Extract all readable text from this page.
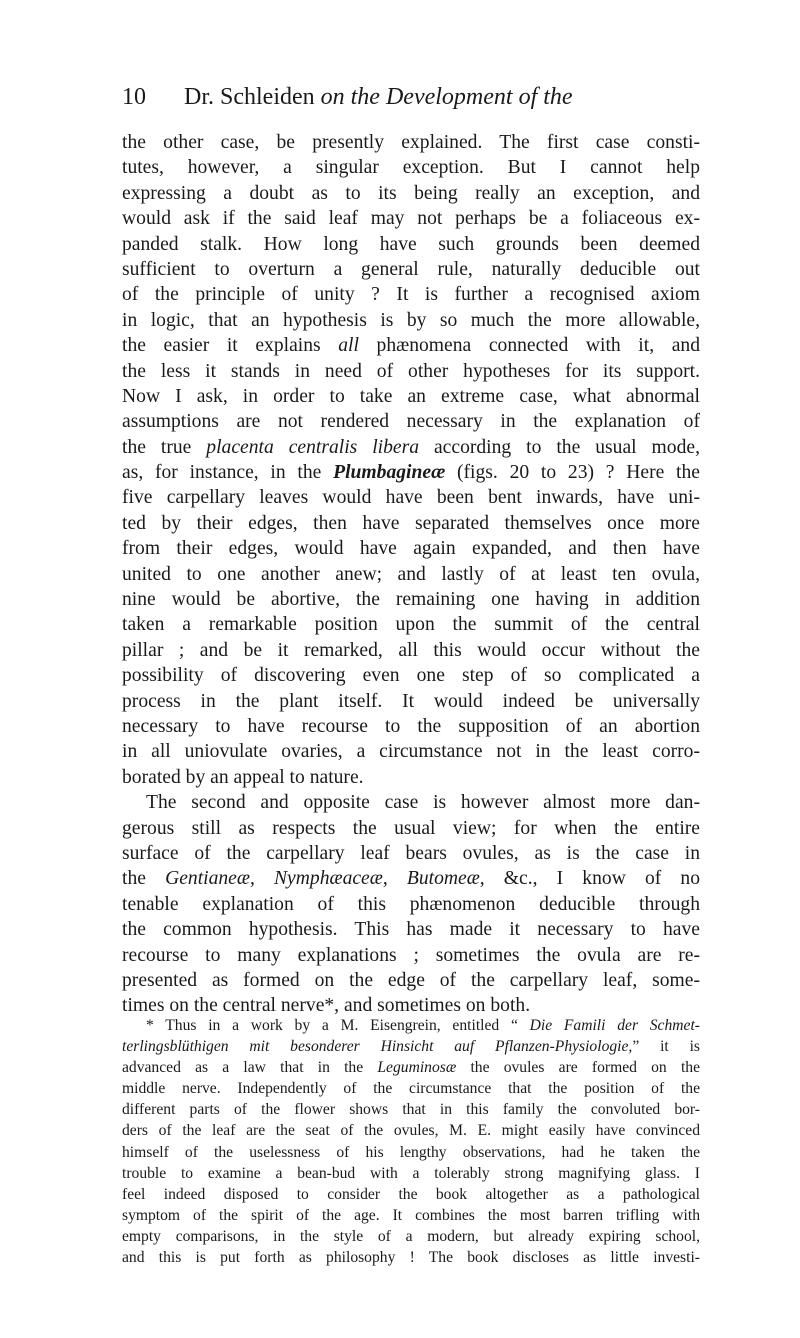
10 Dr. Schleiden on the Development of the
the other case, be presently explained. The first case consti-
tutes, however, a singular exception. But I cannot help
expressing a doubt as to its being really an exception, and
would ask if the said leaf may not perhaps be a foliaceous ex-
panded stalk. How long have such grounds been deemed
sufficient to overturn a general rule, naturally deducible out
of the principle of unity ? It is further a recognised axiom
in logic, that an hypothesis is by so much the more allowable,
the easier it explains all phænomena connected with it, and
the less it stands in need of other hypotheses for its support.
Now I ask, in order to take an extreme case, what abnormal
assumptions are not rendered necessary in the explanation of
the true placenta centralis libera according to the usual mode,
as, for instance, in the Plumbagineæ (figs. 20 to 23) ? Here the
five carpellary leaves would have been bent inwards, have uni-
ted by their edges, then have separated themselves once more
from their edges, would have again expanded, and then have
united to one another anew; and lastly of at least ten ovula,
nine would be abortive, the remaining one having in addition
taken a remarkable position upon the summit of the central
pillar ; and be it remarked, all this would occur without the
possibility of discovering even one step of so complicated a
process in the plant itself. It would indeed be universally
necessary to have recourse to the supposition of an abortion
in all uniovulate ovaries, a circumstance not in the least corro-
borated by an appeal to nature.
The second and opposite case is however almost more dan-
gerous still as respects the usual view; for when the entire
surface of the carpellary leaf bears ovules, as is the case in
the Gentianeæ, Nymphæaceæ, Butomeæ, &c., I know of no
tenable explanation of this phænomenon deducible through
the common hypothesis. This has made it necessary to have
recourse to many explanations ; sometimes the ovula are re-
presented as formed on the edge of the carpellary leaf, some-
times on the central nerve*, and sometimes on both.
* Thus in a work by a M. Eisengrein, entitled “ Die Famili der Schmet-
terlingsblüthigen mit besonderer Hinsicht auf Pflanzen-Physiologie,” it is
advanced as a law that in the Leguminosæ the ovules are formed on the
middle nerve. Independently of the circumstance that the position of the
different parts of the flower shows that in this family the convoluted bor-
ders of the leaf are the seat of the ovules, M. E. might easily have convinced
himself of the uselessness of his lengthy observations, had he taken the
trouble to examine a bean-bud with a tolerably strong magnifying glass. I
feel indeed disposed to consider the book altogether as a pathological
symptom of the spirit of the age. It combines the most barren trifling with
empty comparisons, in the style of a modern, but already expiring school,
and this is put forth as philosophy ! The book discloses as little investi-
